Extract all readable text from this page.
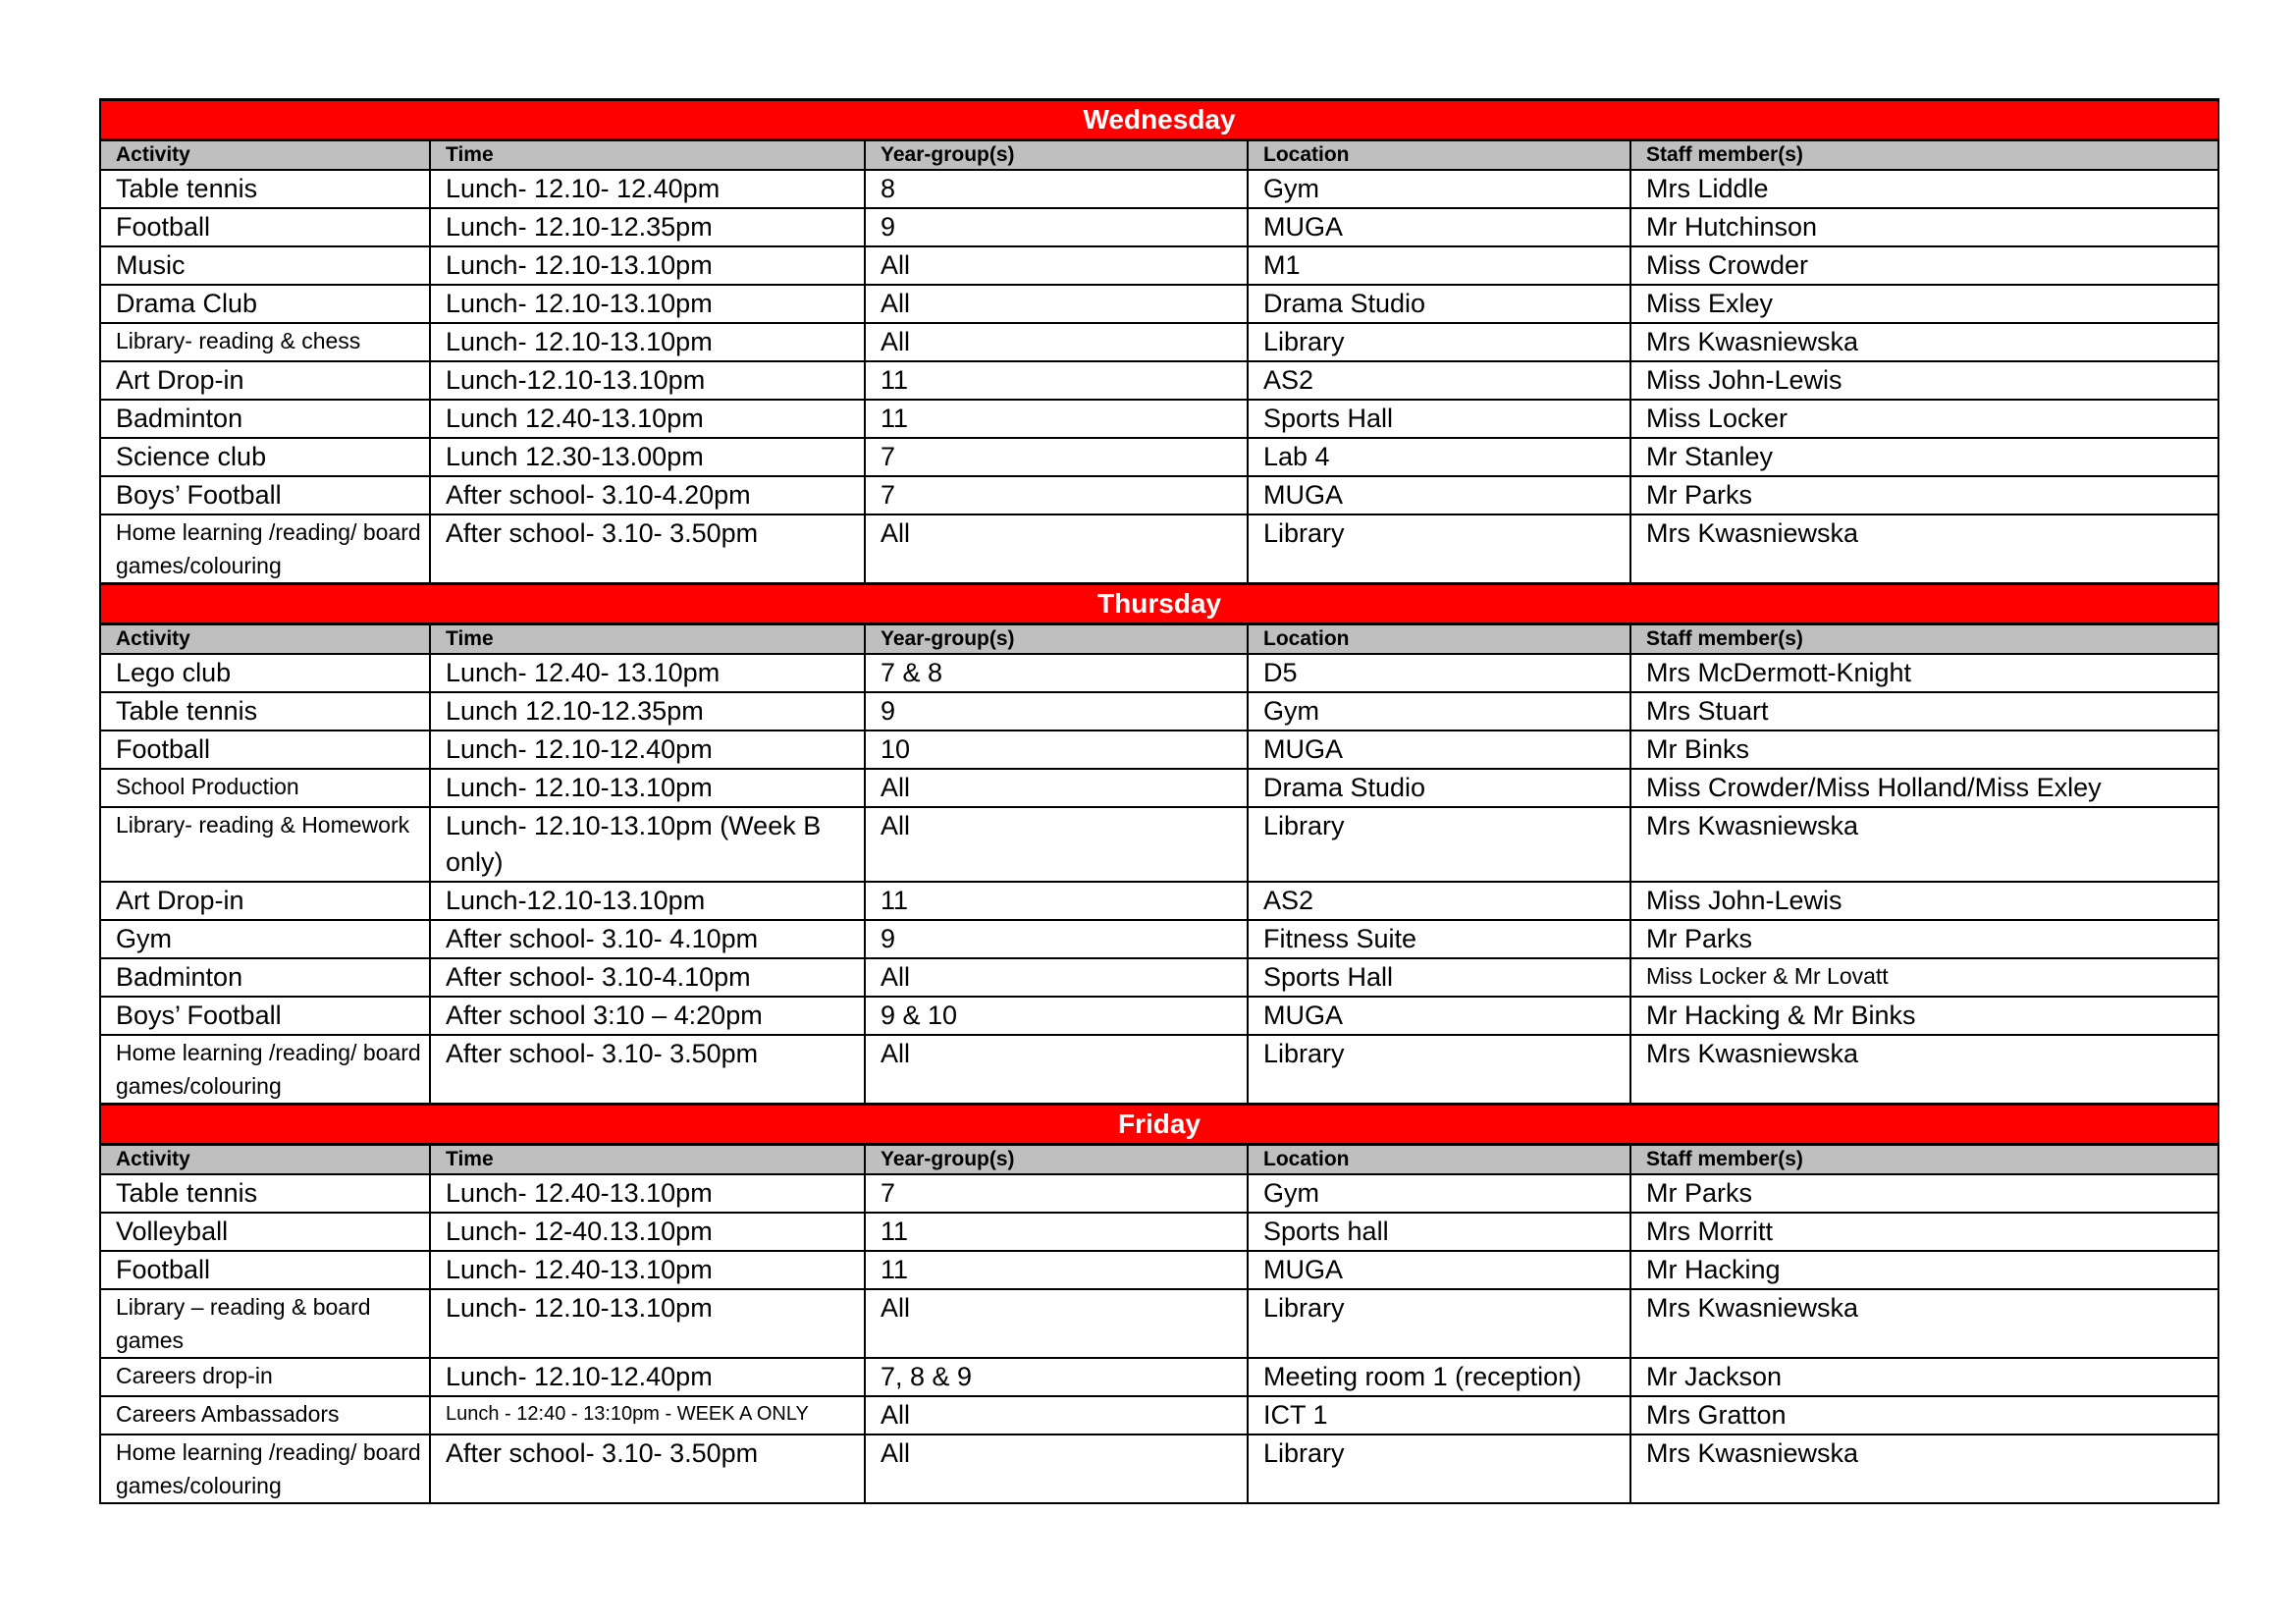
Wednesday				
Activity	Time	Year-group(s)	Location	Staff member(s)
Table tennis	Lunch- 12.10- 12.40pm	8	Gym	Mrs Liddle
Football	Lunch- 12.10-12.35pm	9	MUGA	Mr Hutchinson
Music	Lunch- 12.10-13.10pm	All	M1	Miss Crowder
Drama Club	Lunch- 12.10-13.10pm	All	Drama Studio	Miss Exley
Library- reading & chess	Lunch- 12.10-13.10pm	All	Library	Mrs Kwasniewska
Art Drop-in	Lunch-12.10-13.10pm	11	AS2	Miss John-Lewis
Badminton	Lunch 12.40-13.10pm	11	Sports Hall	Miss Locker
Science club	Lunch 12.30-13.00pm	7	Lab 4	Mr Stanley
Boys’ Football	After school- 3.10-4.20pm	7	MUGA	Mr Parks
Home learning /reading/ board games/colouring	After school- 3.10- 3.50pm	All	Library	Mrs Kwasniewska
Thursday				
Activity	Time	Year-group(s)	Location	Staff member(s)
Lego club	Lunch- 12.40- 13.10pm	7 & 8	D5	Mrs McDermott-Knight
Table tennis	Lunch 12.10-12.35pm	9	Gym	Mrs Stuart
Football	Lunch- 12.10-12.40pm	10	MUGA	Mr Binks
School Production	Lunch- 12.10-13.10pm	All	Drama Studio	Miss Crowder/Miss Holland/Miss Exley
Library- reading & Homework	Lunch- 12.10-13.10pm (Week B only)	All	Library	Mrs Kwasniewska
Art Drop-in	Lunch-12.10-13.10pm	11	AS2	Miss John-Lewis
Gym	After school- 3.10- 4.10pm	9	Fitness Suite	Mr Parks
Badminton	After school- 3.10-4.10pm	All	Sports Hall	Miss Locker & Mr Lovatt
Boys’ Football	After school 3:10 – 4:20pm	9 & 10	MUGA	Mr Hacking & Mr Binks
Home learning /reading/ board games/colouring	After school- 3.10- 3.50pm	All	Library	Mrs Kwasniewska
Friday				
Activity	Time	Year-group(s)	Location	Staff member(s)
Table tennis	Lunch- 12.40-13.10pm	7	Gym	Mr Parks
Volleyball	Lunch- 12-40.13.10pm	11	Sports hall	Mrs Morritt
Football	Lunch- 12.40-13.10pm	11	MUGA	Mr Hacking
Library – reading & board games	Lunch- 12.10-13.10pm	All	Library	Mrs Kwasniewska
Careers drop-in	Lunch- 12.10-12.40pm	7, 8 & 9	Meeting room 1 (reception)	Mr Jackson
Careers Ambassadors	Lunch - 12:40 - 13:10pm - WEEK A ONLY	All	ICT 1	Mrs Gratton
Home learning /reading/ board games/colouring	After school- 3.10- 3.50pm	All	Library	Mrs Kwasniewska
